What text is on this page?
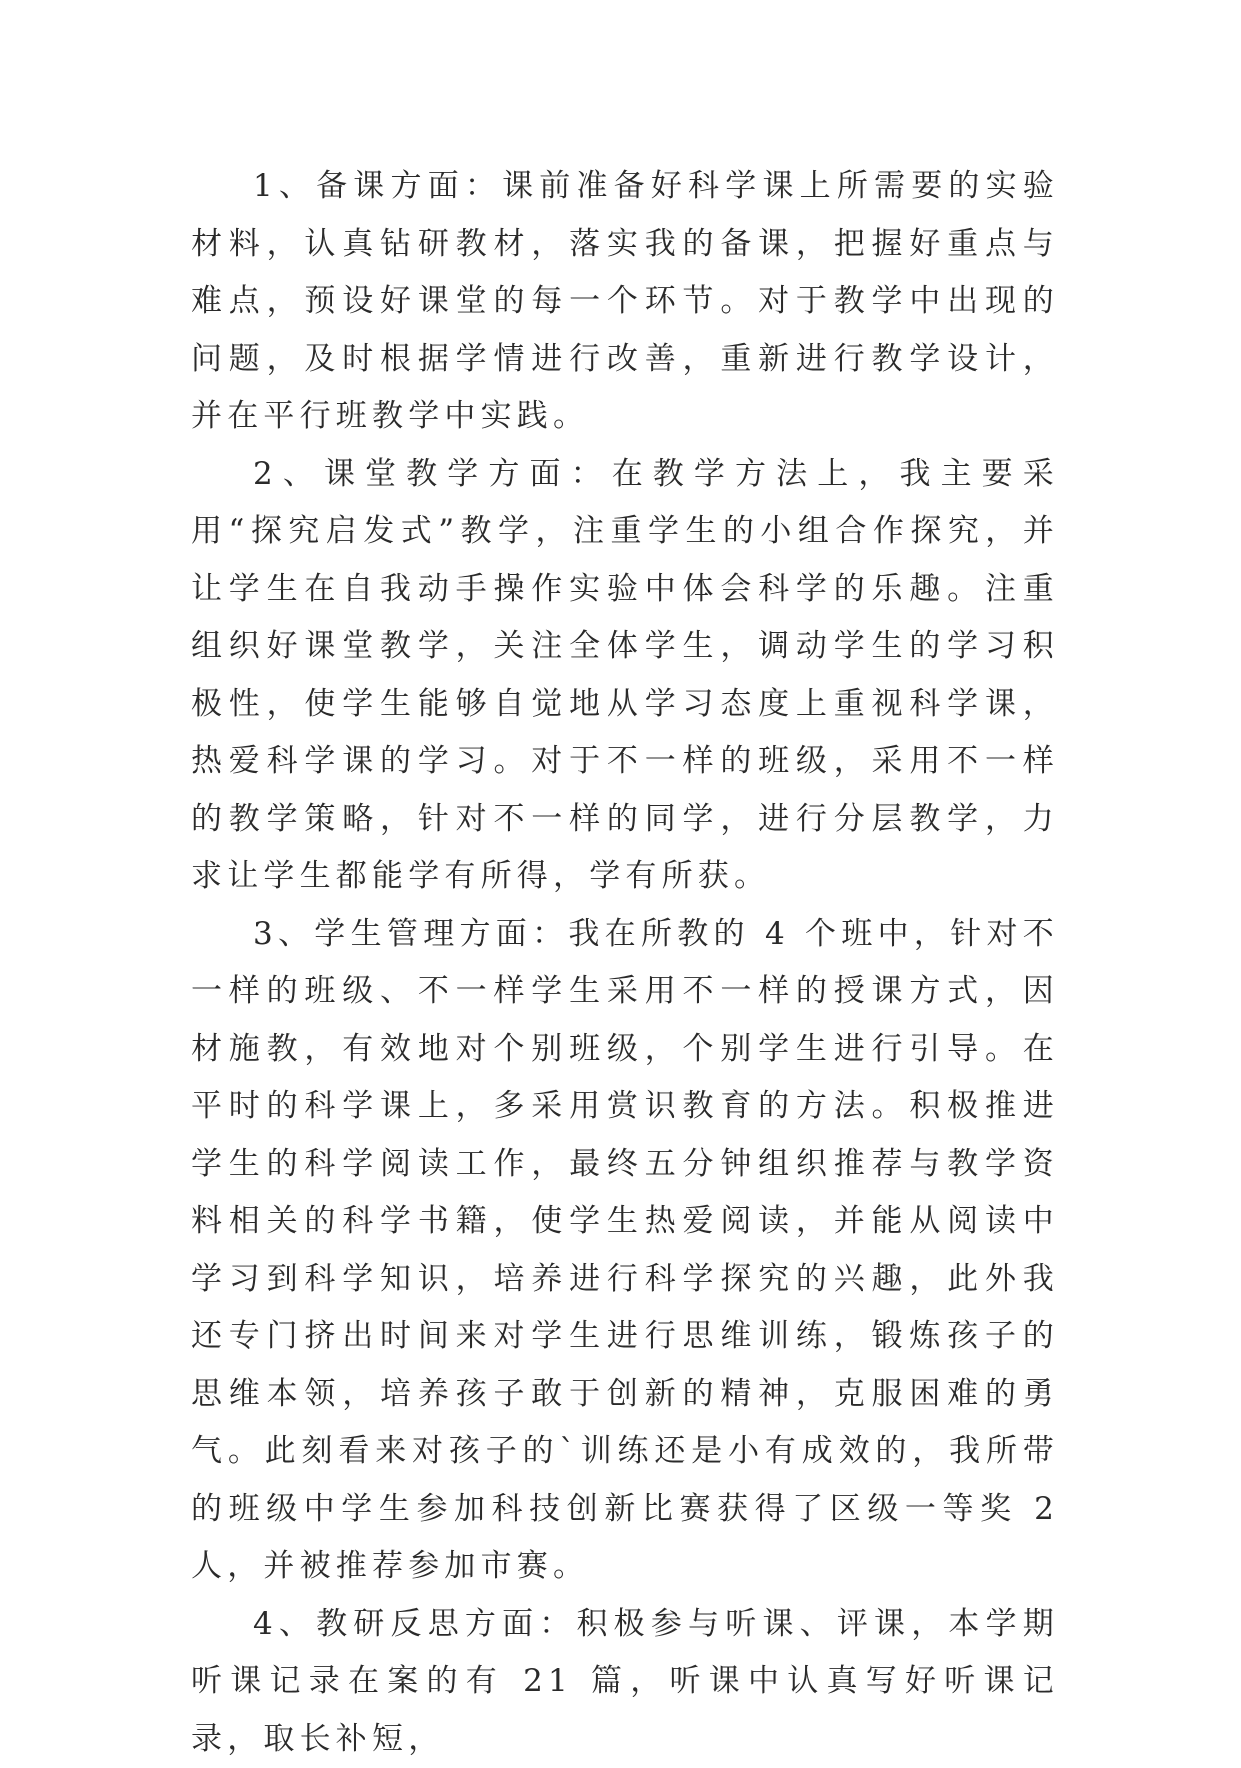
1、备课方面：课前准备好科学课上所需要的实验材料，认真钻研教材，落实我的备课，把握好重点与难点，预设好课堂的每一个环节。对于教学中出现的问题，及时根据学情进行改善，重新进行教学设计，并在平行班教学中实践。

2、课堂教学方面：在教学方法上，我主要采用“探究启发式”教学，注重学生的小组合作探究，并让学生在自我动手操作实验中体会科学的乐趣。注重组织好课堂教学，关注全体学生，调动学生的学习积极性，使学生能够自觉地从学习态度上重视科学课，热爱科学课的学习。对于不一样的班级，采用不一样的教学策略，针对不一样的同学，进行分层教学，力求让学生都能学有所得，学有所获。

3、学生管理方面：我在所教的 4 个班中，针对不一样的班级、不一样学生采用不一样的授课方式，因材施教，有效地对个别班级，个别学生进行引导。在平时的科学课上，多采用赏识教育的方法。积极推进学生的科学阅读工作，最终五分钟组织推荐与教学资料相关的科学书籍，使学生热爱阅读，并能从阅读中学习到科学知识，培养进行科学探究的兴趣，此外我还专门挤出时间来对学生进行思维训练，锻炼孩子的思维本领，培养孩子敢于创新的精神，克服困难的勇气。此刻看来对孩子的`训练还是小有成效的，我所带的班级中学生参加科技创新比赛获得了区级一等奖 2 人，并被推荐参加市赛。

4、教研反思方面：积极参与听课、评课，本学期听课记录在案的有 21 篇，听课中认真写好听课记录，取长补短，
